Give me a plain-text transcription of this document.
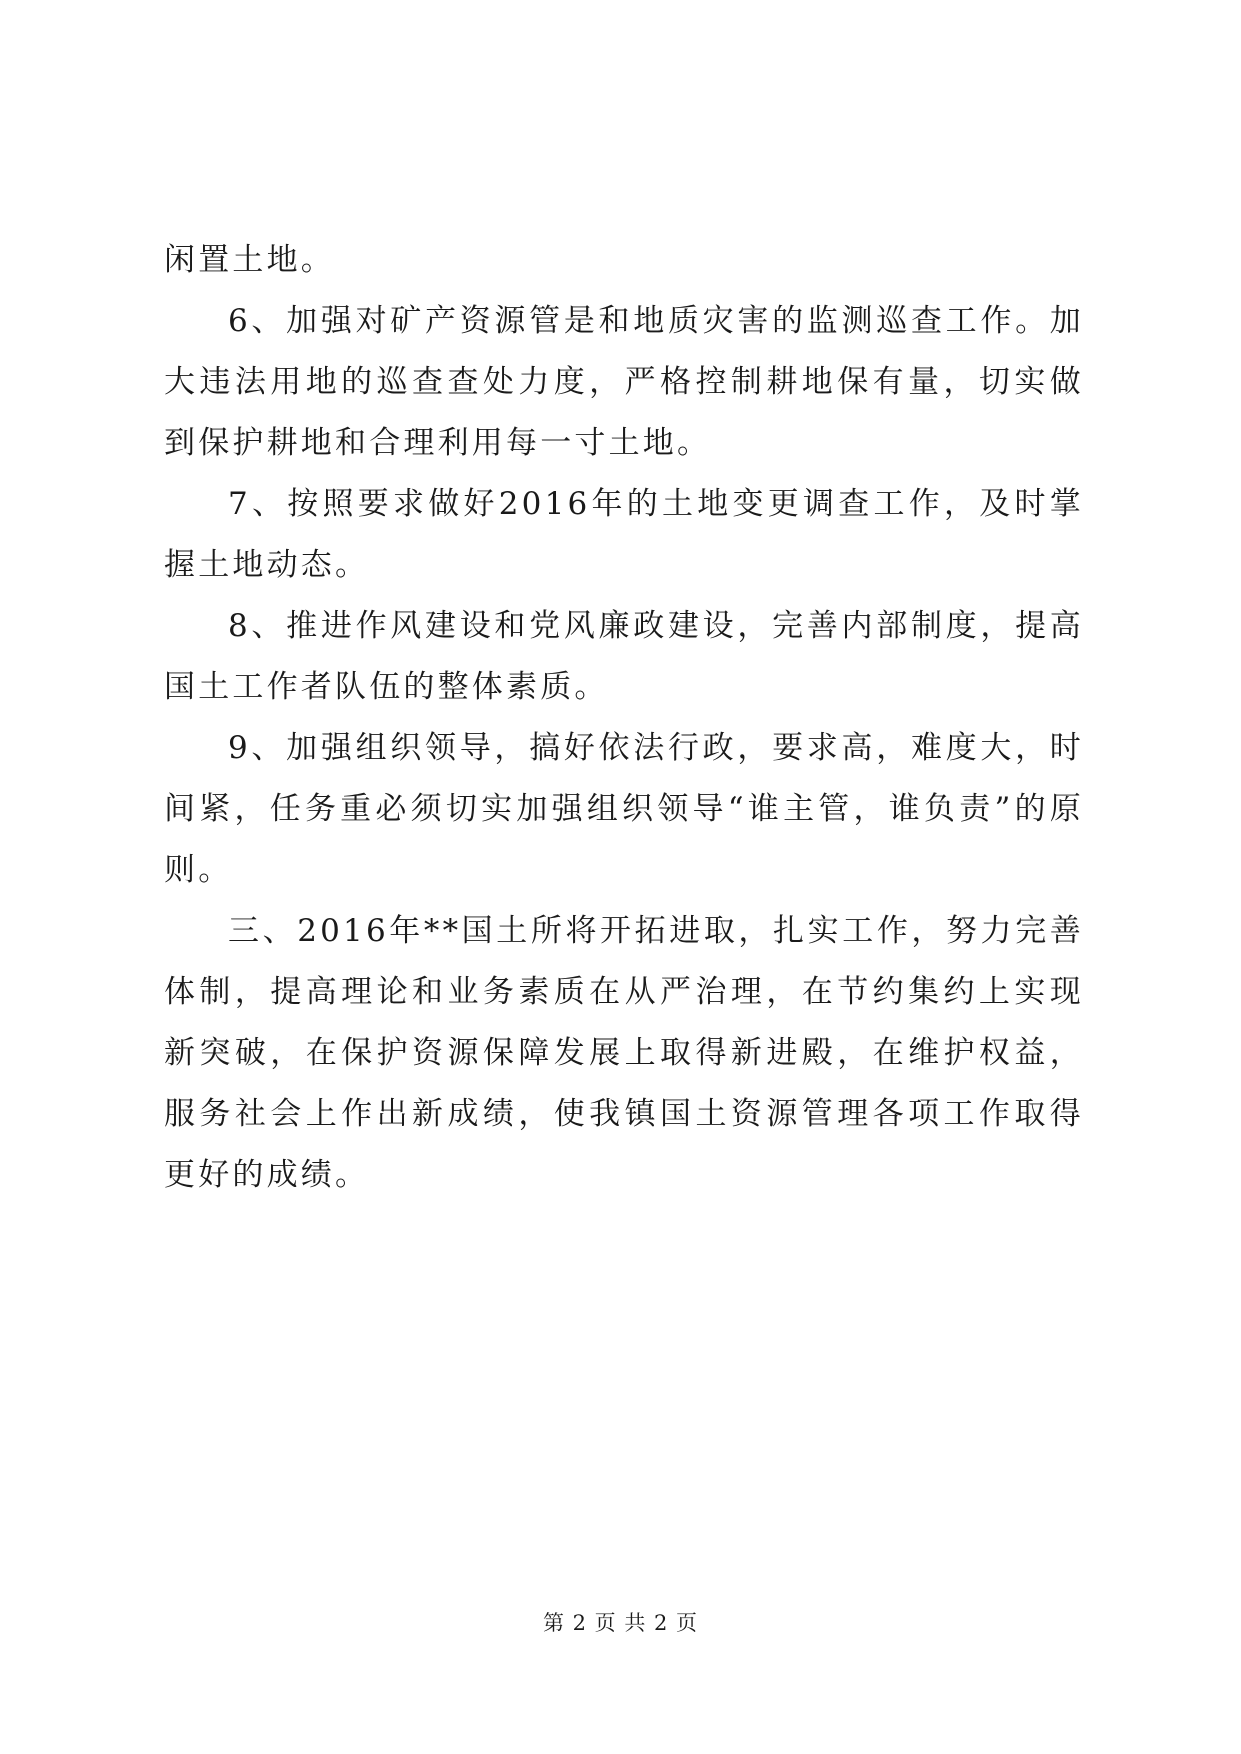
闲置土地。

6、加强对矿产资源管是和地质灾害的监测巡查工作。加大违法用地的巡查查处力度，严格控制耕地保有量，切实做到保护耕地和合理利用每一寸土地。

7、按照要求做好2016年的土地变更调查工作，及时掌握土地动态。

8、推进作风建设和党风廉政建设，完善内部制度，提高国土工作者队伍的整体素质。

9、加强组织领导，搞好依法行政，要求高，难度大，时间紧，任务重必须切实加强组织领导“谁主管，谁负责”的原则。

三、2016年**国土所将开拓进取，扎实工作，努力完善体制，提高理论和业务素质在从严治理，在节约集约上实现新突破，在保护资源保障发展上取得新进殿，在维护权益，服务社会上作出新成绩，使我镇国土资源管理各项工作取得更好的成绩。

第 2 页 共 2 页
